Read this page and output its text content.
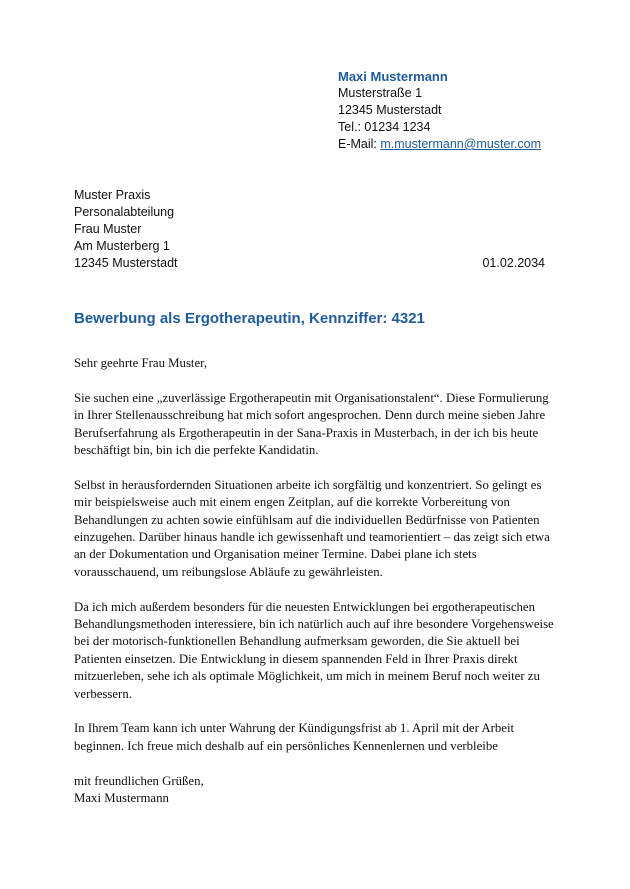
Maxi Mustermann
Musterstraße 1
12345 Musterstadt
Tel.: 01234 1234
E-Mail: m.mustermann@muster.com
Muster Praxis
Personalabteilung
Frau Muster
Am Musterberg 1
12345 Musterstadt	01.02.2034
Bewerbung als Ergotherapeutin, Kennziffer: 4321

Sehr geehrte Frau Muster,

Sie suchen eine „zuverlässige Ergotherapeutin mit Organisationstalent“. Diese Formulierung in Ihrer Stellenausschreibung hat mich sofort angesprochen. Denn durch meine sieben Jahre Berufserfahrung als Ergotherapeutin in der Sana-Praxis in Musterbach, in der ich bis heute beschäftigt bin, bin ich die perfekte Kandidatin.

Selbst in herausfordernden Situationen arbeite ich sorgfältig und konzentriert. So gelingt es mir beispielsweise auch mit einem engen Zeitplan, auf die korrekte Vorbereitung von Behandlungen zu achten sowie einfühlsam auf die individuellen Bedürfnisse von Patienten einzugehen. Darüber hinaus handle ich gewissenhaft und teamorientiert – das zeigt sich etwa an der Dokumentation und Organisation meiner Termine. Dabei plane ich stets vorausschauend, um reibungslose Abläufe zu gewährleisten.

Da ich mich außerdem besonders für die neuesten Entwicklungen bei ergotherapeutischen Behandlungsmethoden interessiere, bin ich natürlich auch auf ihre besondere Vorgehensweise bei der motorisch-funktionellen Behandlung aufmerksam geworden, die Sie aktuell bei Patienten einsetzen. Die Entwicklung in diesem spannenden Feld in Ihrer Praxis direkt mitzuerleben, sehe ich als optimale Möglichkeit, um mich in meinem Beruf noch weiter zu verbessern.

In Ihrem Team kann ich unter Wahrung der Kündigungsfrist ab 1. April mit der Arbeit beginnen. Ich freue mich deshalb auf ein persönliches Kennenlernen und verbleibe

mit freundlichen Grüßen,
Maxi Mustermann
